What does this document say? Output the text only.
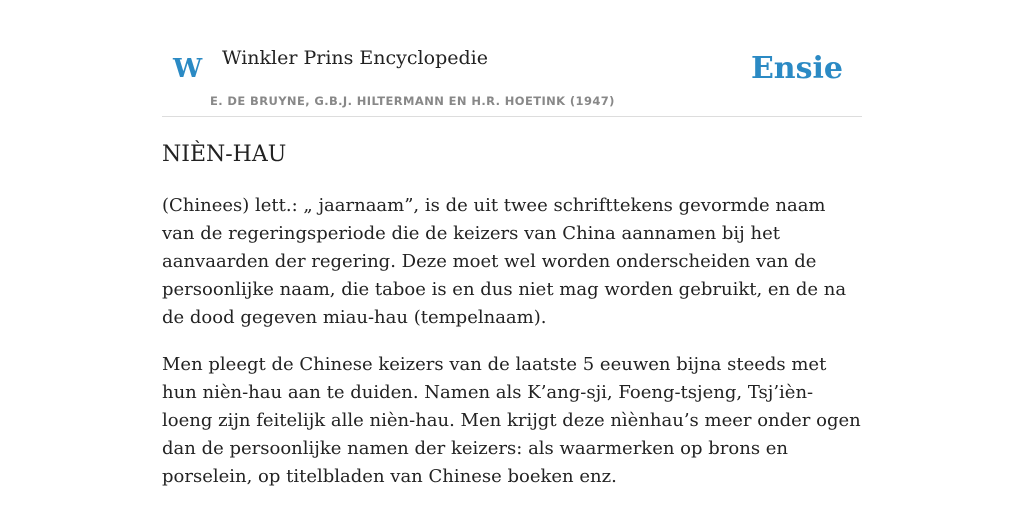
W Winkler Prins Encyclopedie
E. DE BRUYNE, G.B.J. HILTERMANN EN H.R. HOETINK (1947)
Ensie
NIÈN-HAU

(Chinees) lett.: „ jaarnaam”, is de uit twee schrifttekens gevormde naam van de regeringsperiode die de keizers van China aannamen bij het aanvaarden der regering. Deze moet wel worden onderscheiden van de persoonlijke naam, die taboe is en dus niet mag worden gebruikt, en de na de dood gegeven miau-hau (tempelnaam).

Men pleegt de Chinese keizers van de laatste 5 eeuwen bijna steeds met hun nièn-hau aan te duiden. Namen als K’ang-sji, Foeng-tsjeng, Tsj’ièn-loeng zijn feitelijk alle nièn-hau. Men krijgt deze nìènhau’s meer onder ogen dan de persoonlijke namen der keizers: als waarmerken op brons en porselein, op titelbladen van Chinese boeken enz.
